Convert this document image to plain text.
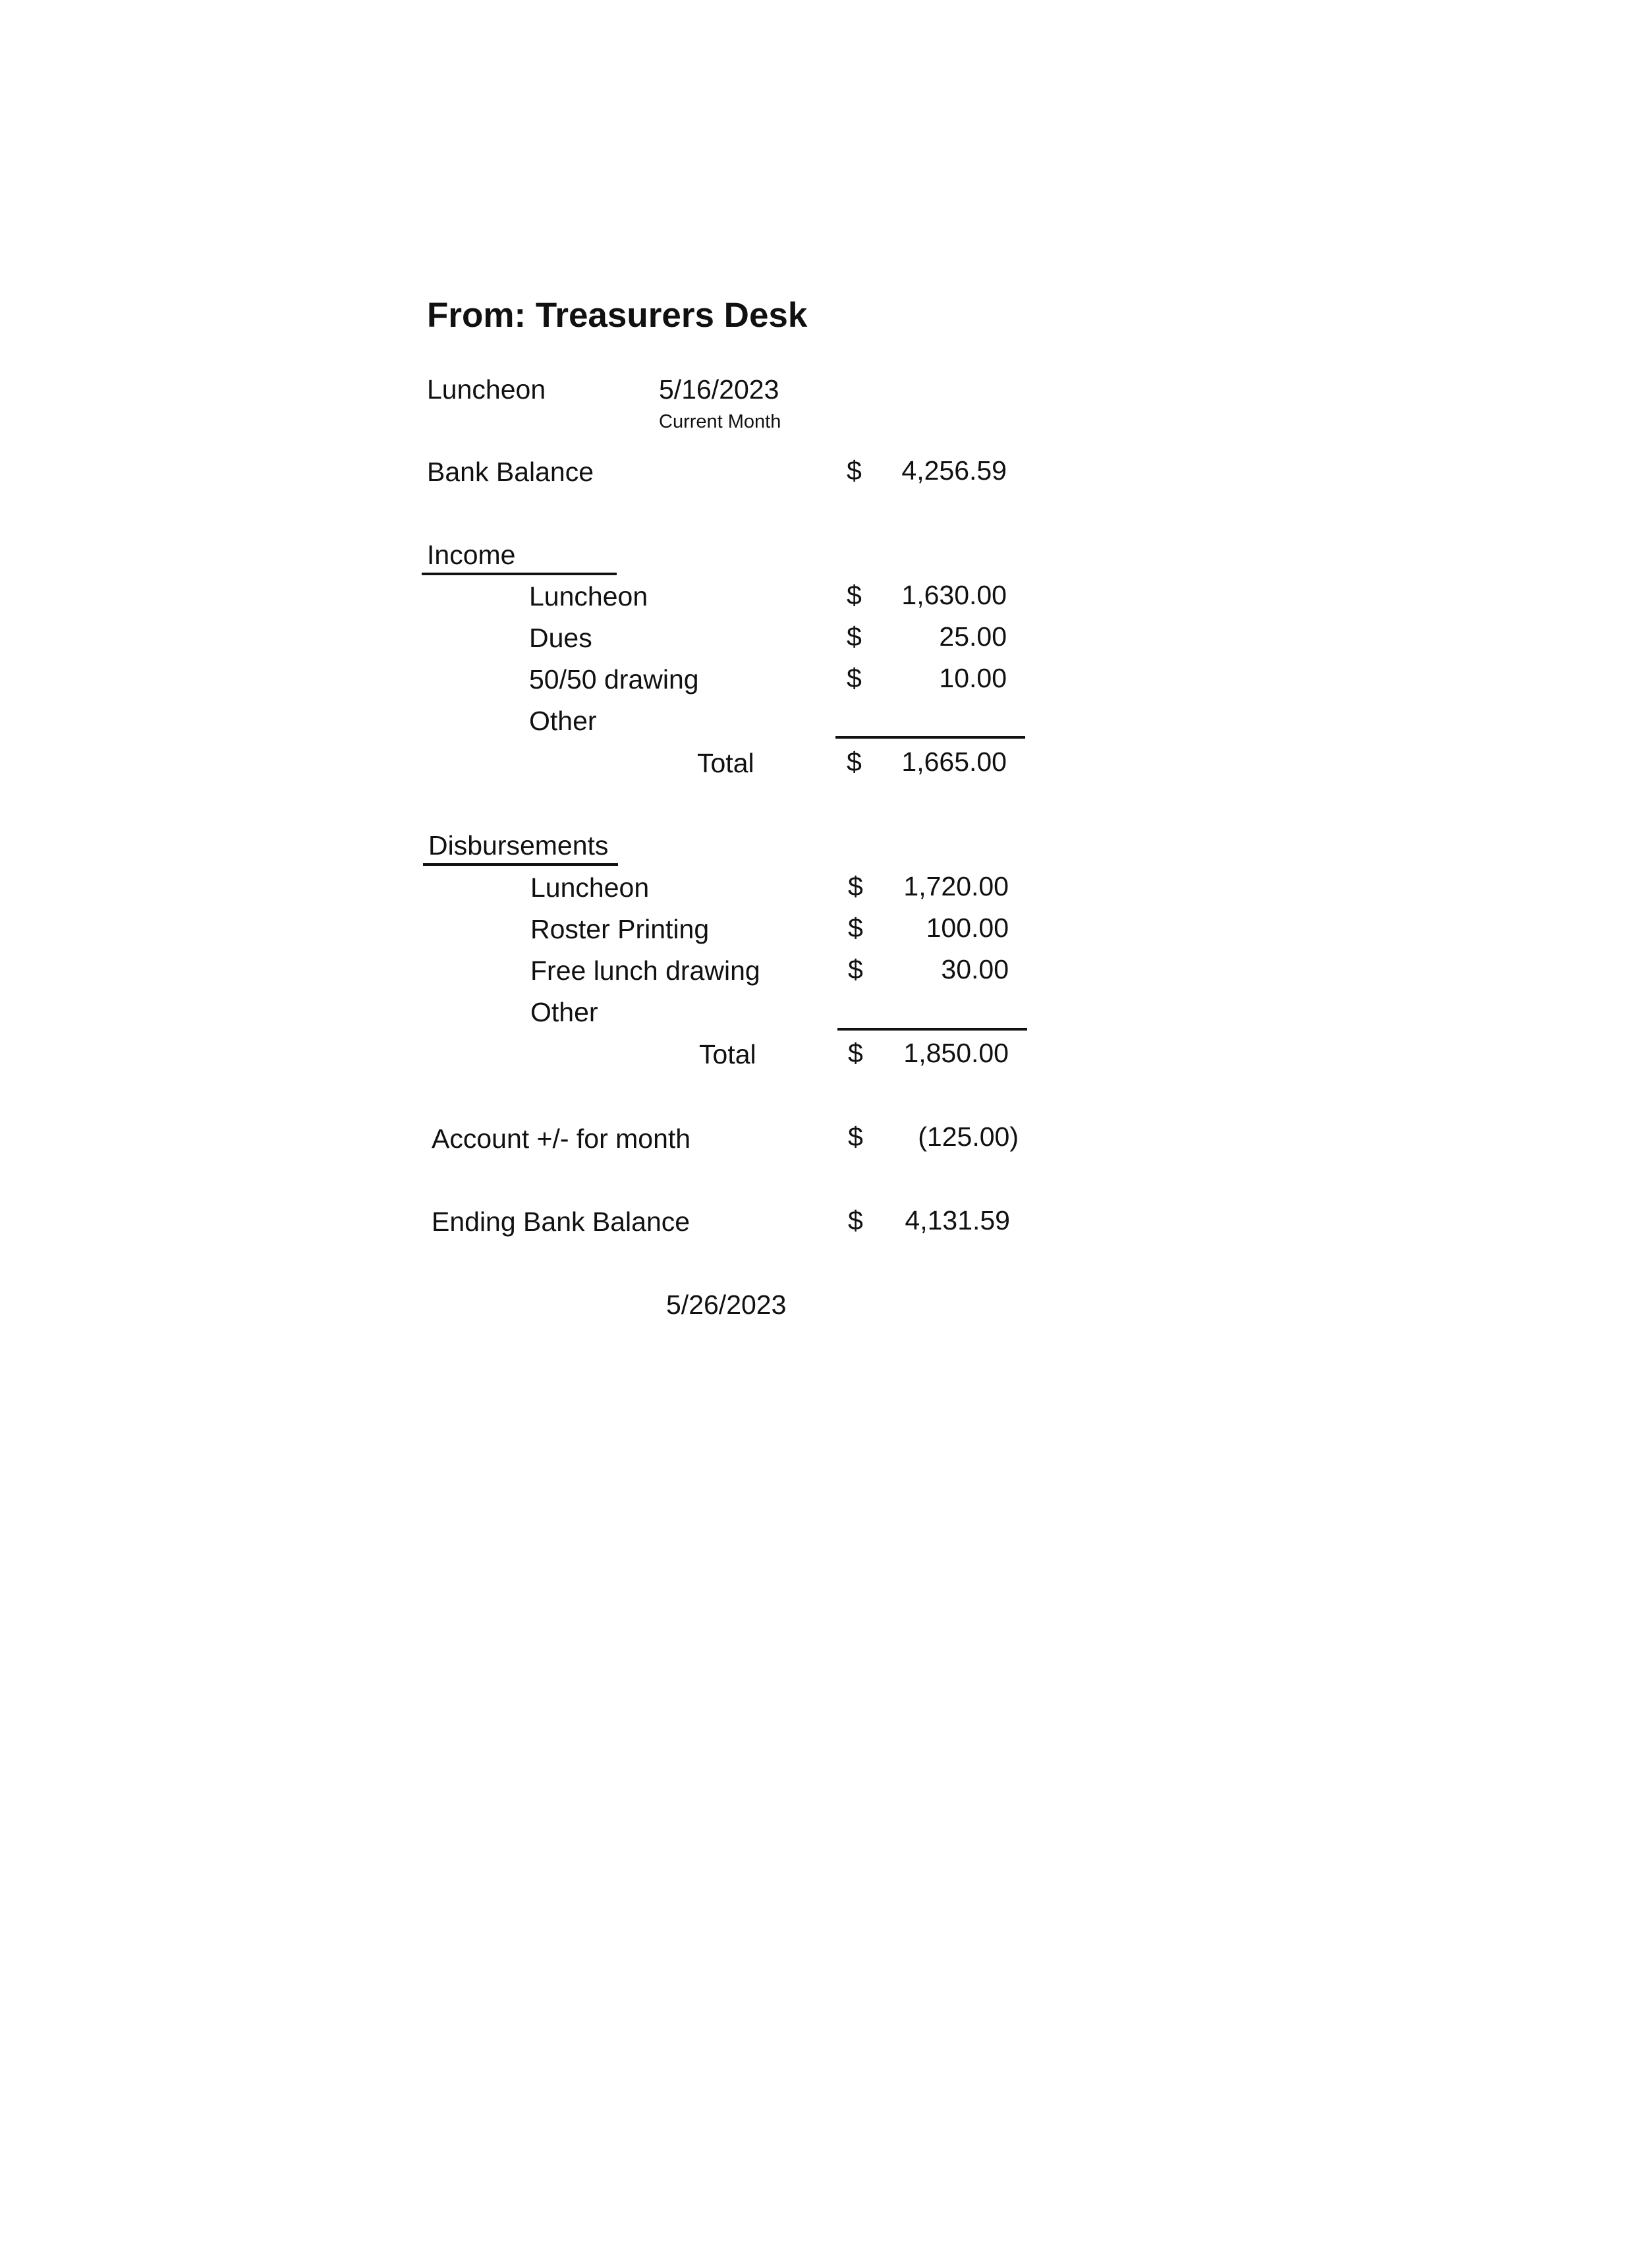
From: Treasurers Desk
Luncheon	5/16/2023
Current Month
Bank Balance	$	4,256.59
Income
Luncheon	$	1,630.00
Dues	$	25.00
50/50 drawing	$	10.00
Other
Total	$	1,665.00
Disbursements
Luncheon	$	1,720.00
Roster Printing	$	100.00
Free lunch drawing	$	30.00
Other
Total	$	1,850.00
Account +/- for month	$	(125.00)
Ending Bank Balance	$	4,131.59
5/26/2023
